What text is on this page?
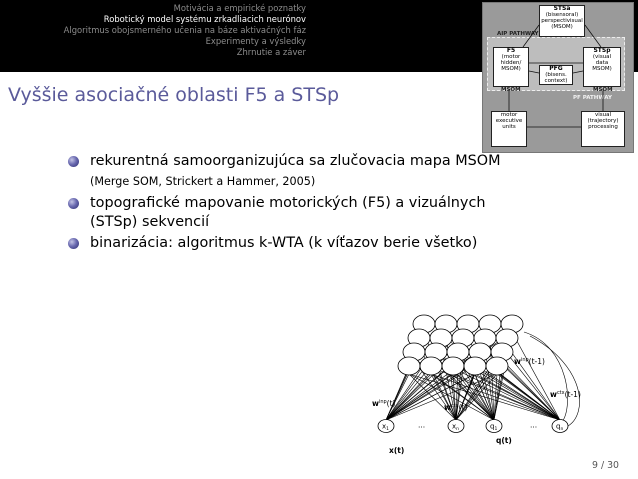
Motivácia a empirické poznatky
Robotický model systému zrkadliacich neurónov
Algoritmus obojsmerného učenia na báze aktivačných fáz
Experimenty a výsledky
Zhrnutie a záver
STSa
(bisensoral)
perspectivisual
(MSOM)
AIP PATHWAY
F5
(motor
hidden/
MSOM)
STSp
(visual
data
MSOM)
PFG
(bisens.
context)
MSOM	MSOM
PF PATHWAY
motor
executive
units
visual
(trajectory)
processing
Vyššie asociačné oblasti F5 a STSp
rekurentná samoorganizujúca sa zlučovacia mapa MSOM
(Merge SOM, Strickert a Hammer, 2005)
topografické mapovanie motorických (F5) a vizuálnych (STSp) sekvencií
binarizácia: algoritmus k-WTA (k víťazov berie všetko)
$x_1$	$x_n$	$q_1$	$q_n$
$w^{inp}(t)$	$w^{ctx}(t)$
$w^{inp}(t-1)$
$w^{ctx}(t-1)$
x(t)
q(t)
···	···
9 / 30
